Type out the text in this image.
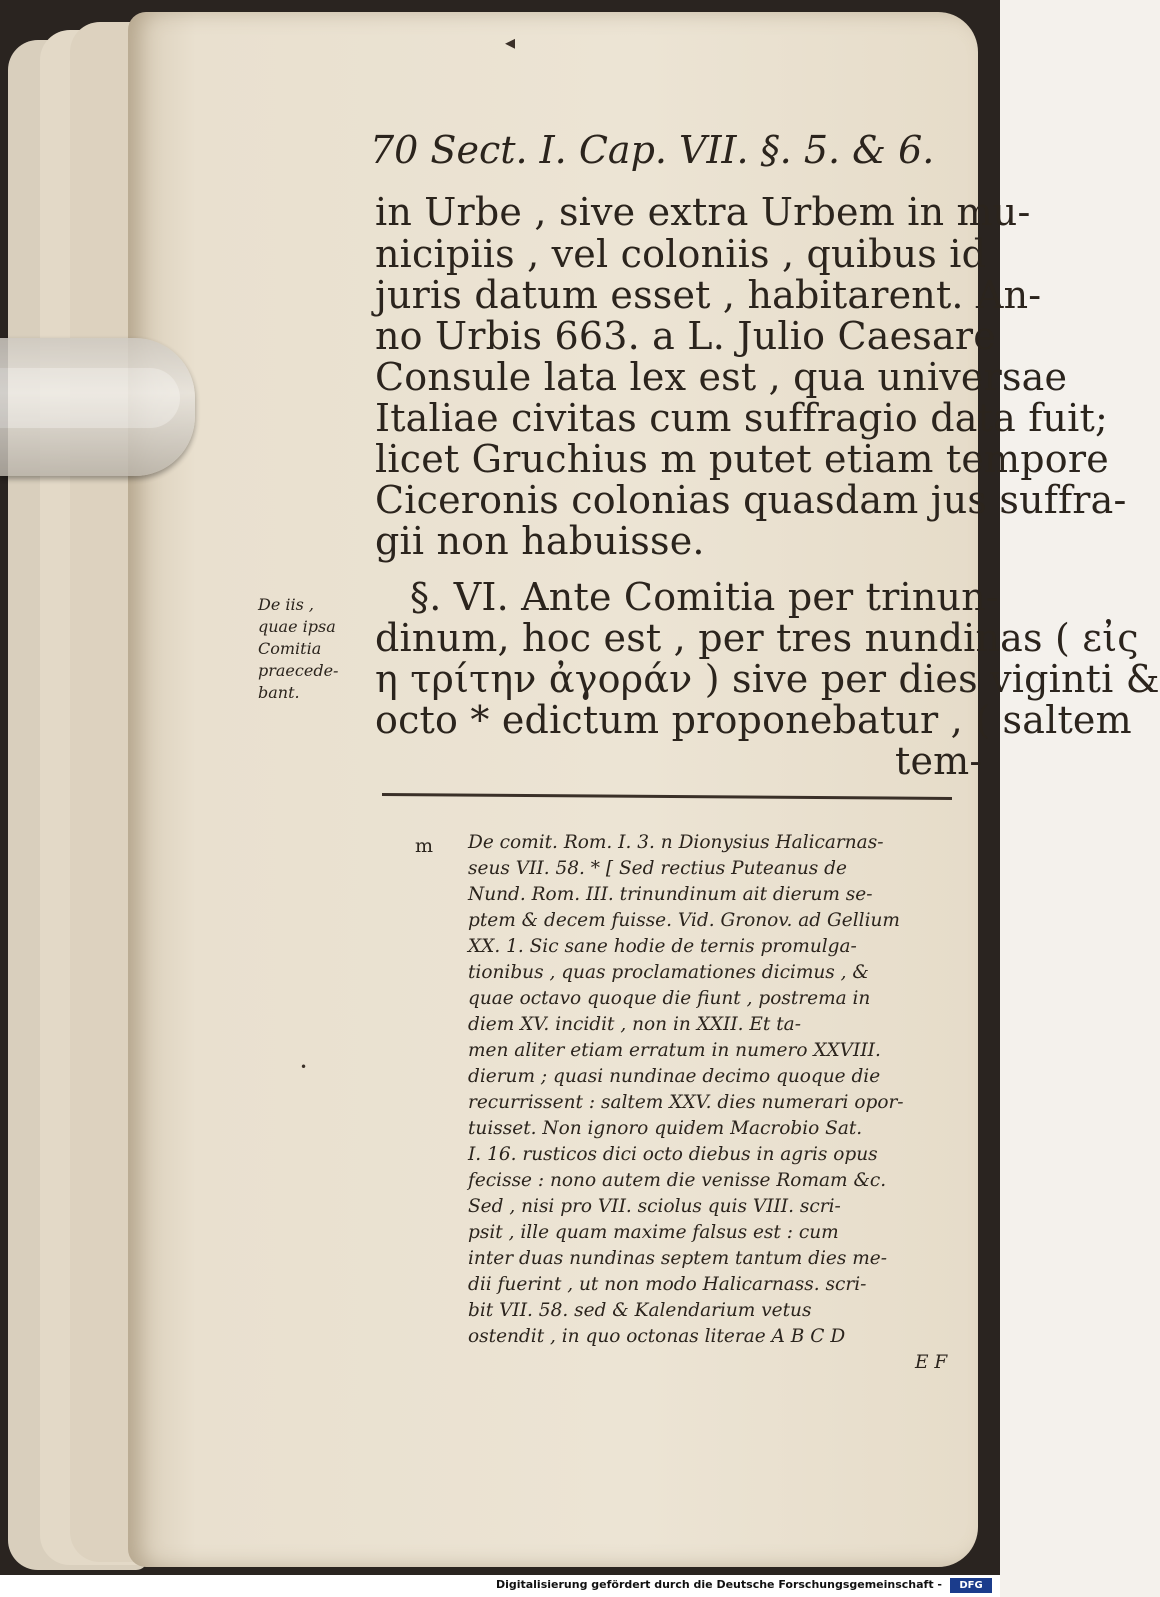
70 Sect. I. Cap. VII. §. 5. & 6.
in Urbe , sive extra Urbem in mu-
nicipiis , vel coloniis , quibus id
juris datum esset , habitarent. An-
no Urbis 663. a L. Julio Caesare
Consule lata lex est , qua universae
Italiae civitas cum suffragio data fuit;
licet Gruchius m putet etiam tempore
Ciceronis colonias quasdam jus suffra-
gii non habuisse.
§. VI. Ante Comitia per trinun-
dinum, hoc est , per tres nundinas ( εἰς
η τρίτην ἀγοράν ) sive per dies viginti &
octo * edictum proponebatur , ( saltem
tem-
De iis ,
quae ipsa
Comitia
praecede-
bant.
m De comit. Rom. I. 3. n Dionysius Halicarnas-
seus VII. 58. * [ Sed rectius Puteanus de
Nund. Rom. III. trinundinum ait dierum se-
ptem & decem fuisse. Vid. Gronov. ad Gellium
XX. 1. Sic sane hodie de ternis promulga-
tionibus , quas proclamationes dicimus , &
quae octavo quoque die fiunt , postrema in
diem XV. incidit , non in XXII. Et ta-
men aliter etiam erratum in numero XXVIII.
dierum ; quasi nundinae decimo quoque die
recurrissent : saltem XXV. dies numerari opor-
tuisset. Non ignoro quidem Macrobio Sat.
I. 16. rusticos dici octo diebus in agris opus
fecisse : nono autem die venisse Romam &c.
Sed , nisi pro VII. sciolus quis VIII. scri-
psit , ille quam maxime falsus est : cum
inter duas nundinas septem tantum dies me-
dii fuerint , ut non modo Halicarnass. scri-
bit VII. 58. sed & Kalendarium vetus
ostendit , in quo octonas literae A B C D
E F
◂
•
Digitalisierung gefördert durch die Deutsche Forschungsgemeinschaft -	DFG
